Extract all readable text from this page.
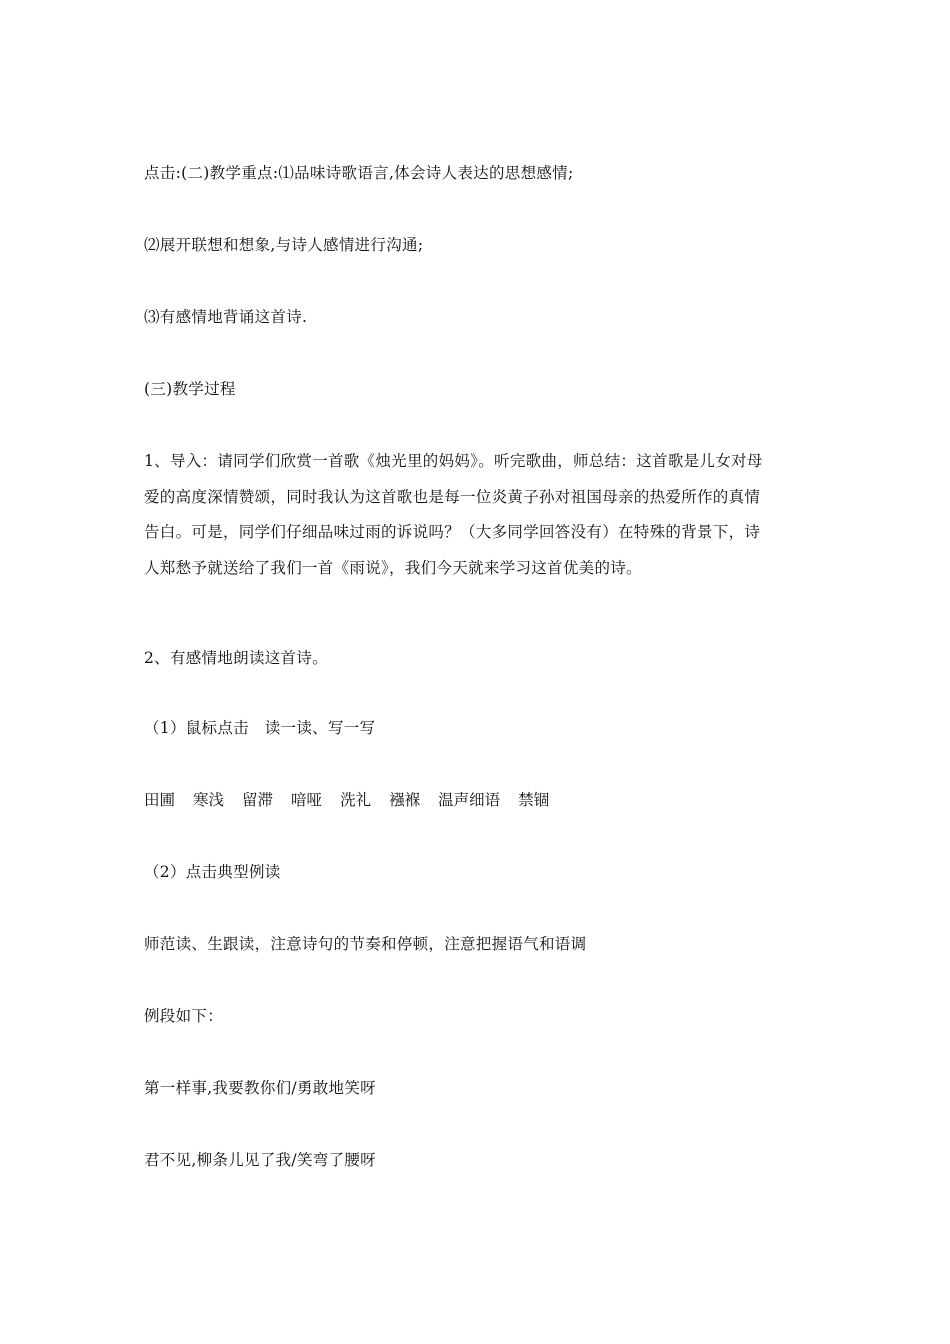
点击:(二)教学重点:⑴品味诗歌语言,体会诗人表达的思想感情;
⑵展开联想和想象,与诗人感情进行沟通;
⑶有感情地背诵这首诗.
(三)教学过程
1、导入：请同学们欣赏一首歌《烛光里的妈妈》。听完歌曲，师总结：这首歌是儿女对母
爱的高度深情赞颂，同时我认为这首歌也是每一位炎黄子孙对祖国母亲的热爱所作的真情
告白。可是，同学们仔细品味过雨的诉说吗？（大多同学回答没有）在特殊的背景下，诗
人郑愁予就送给了我们一首《雨说》，我们今天就来学习这首优美的诗。
2、有感情地朗读这首诗。
（1）鼠标点击　读一读、写一写
田圃 寒浅 留滞 喑哑 洗礼 襁褓 温声细语 禁锢
（2）点击典型例读
师范读、生跟读，注意诗句的节奏和停顿，注意把握语气和语调
例段如下：
第一样事,我要教你们/勇敢地笑呀
君不见,柳条儿见了我/笑弯了腰呀
